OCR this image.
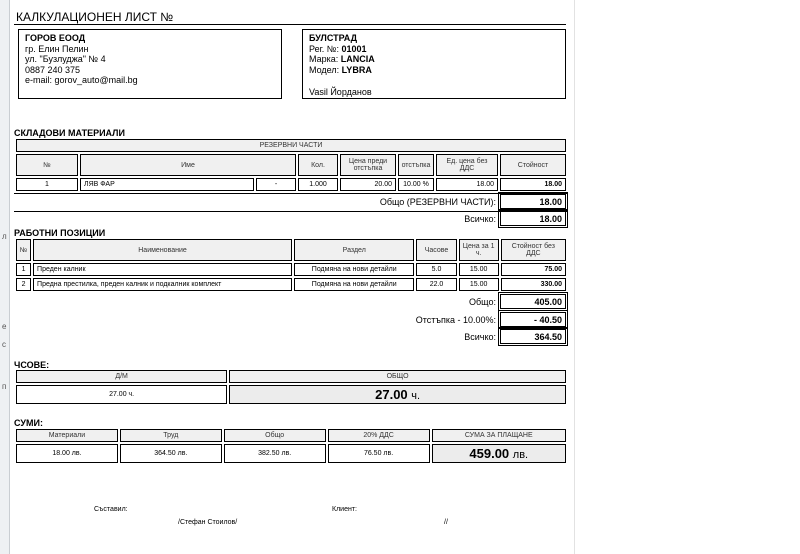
л
е
с
п
КАЛКУЛАЦИОНЕН ЛИСТ №
ГОРОВ ЕООД
гр. Елин Пелин
ул. "Бузлуджа" № 4
0887 240 375
e-mail: gorov_auto@mail.bg
БУЛСТРАД
Рег. №: 01001
Марка: LANCIA
Модел: LYBRA
Vasil Йорданов
СКЛАДОВИ МАТЕРИАЛИ
РЕЗЕРВНИ ЧАСТИ							
№	Име		Кол.	Цена преди отстъпка	отстъпка	Ед. цена без ДДС	Стойност
1	ЛЯВ ФАР	-	1.000	20.00	10.00 %	18.00	18.00
Общо (РЕЗЕРВНИ ЧАСТИ):	18.00
Всичко:	18.00
РАБОТНИ ПОЗИЦИИ
№	Наименование	Раздел	Часове	Цена за 1 ч.	Стойност без ДДС
1	Преден калник	Подмяна на нови детайли	5.0	15.00	75.00
2	Предна престилка, преден калник и подкалник комплект	Подмяна на нови детайли	22.0	15.00	330.00
Общо:	405.00
Отстъпка - 10.00%:	- 40.50
Всичко:	364.50
ЧСОВЕ:
Д/М	ОБЩО
27.00 ч.	27.00 ч.
СУМИ:
Материали	Труд	Общо	20% ДДС	СУМА ЗА ПЛАЩАНЕ
18.00 лв.	364.50 лв.	382.50 лв.	76.50 лв.	459.00 лв.
Съставил:
/Стефан Стоилов/
Клиент:
//
